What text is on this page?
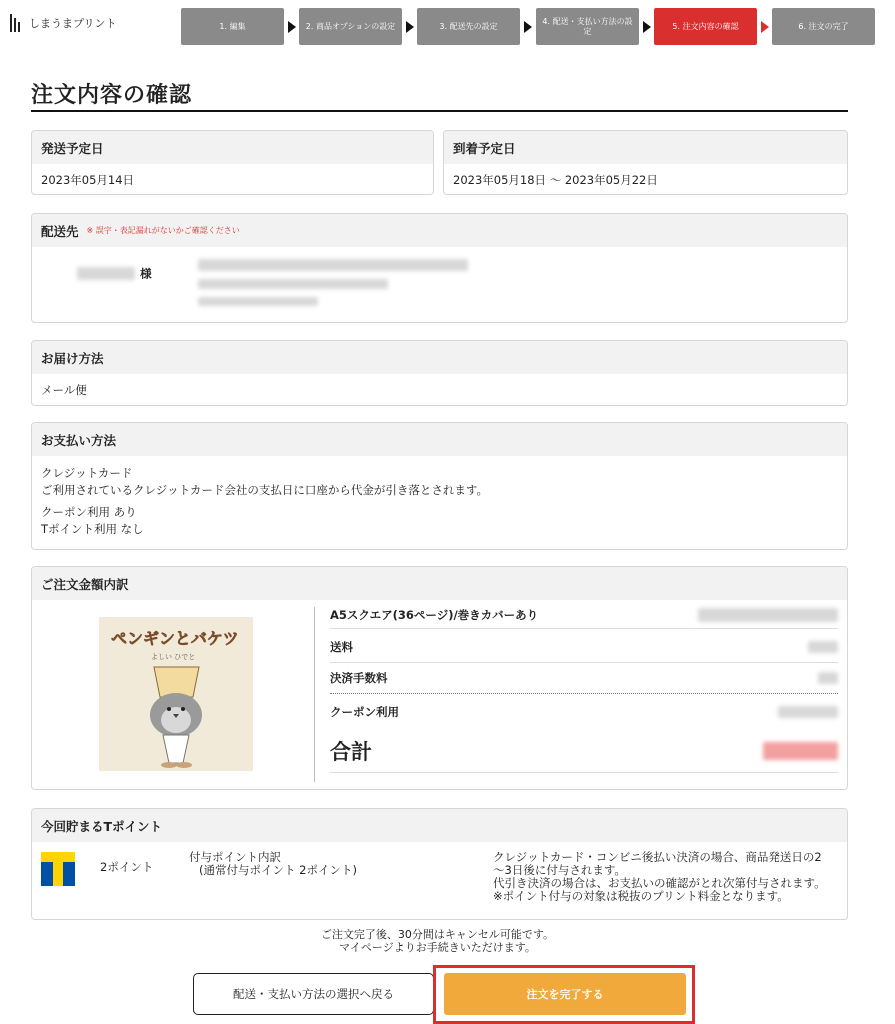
しまうまプリント	1. 編集	2. 商品オプションの設定	3. 配送先の設定
4. 配送・支払い方法の設定
5. 注文内容の確認	6. 注文の完了
注文内容の確認
発送予定日
2023年05月14日
到着予定日
2023年05月18日 〜 2023年05月22日
配送先 ※ 誤字・表記漏れがないかご確認ください
様
お届け方法
メール便
お支払い方法
クレジットカード
ご利用されているクレジットカード会社の支払日に口座から代金が引き落とされます。
クーポン利用 あり
Tポイント利用 なし
ご注文金額内訳
ペンギンとバケツ
よしい ひでと
A5スクエア(36ページ)/巻きカバーあり
送料
決済手数料
クーポン利用
合計
今回貯まるTポイント
2ポイント
付与ポイント内訳
(通常付与ポイント 2ポイント)
クレジットカード・コンビニ後払い決済の場合、商品発送日の2
〜3日後に付与されます。
代引き決済の場合は、お支払いの確認がとれ次第付与されます。
※ポイント付与の対象は税抜のプリント料金となります。
ご注文完了後、30分間はキャンセル可能です。
マイページよりお手続きいただけます。
配送・支払い方法の選択へ戻る	注文を完了する
